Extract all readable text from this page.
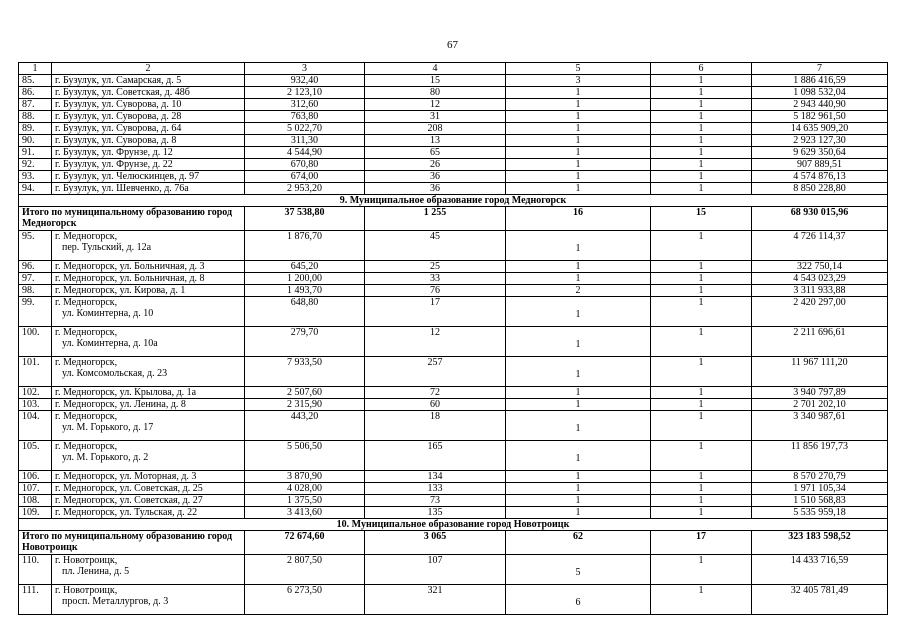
67
1	2	3	4	5	6	7
85.	г. Бузулук, ул. Самарская, д. 5	932,40	15	3	1	1 886 416,59
86.	г. Бузулук, ул. Советская, д. 48б	2 123,10	80	1	1	1 098 532,04
87.	г. Бузулук, ул. Суворова, д. 10	312,60	12	1	1	2 943 440,90
88.	г. Бузулук, ул. Суворова, д. 28	763,80	31	1	1	5 182 961,50
89.	г. Бузулук, ул. Суворова, д. 64	5 022,70	208	1	1	14 635 909,20
90.	г. Бузулук, ул. Суворова, д. 8	311,30	13	1	1	2 923 127,30
91.	г. Бузулук, ул. Фрунзе, д. 12	4 544,90	65	1	1	9 629 350,64
92.	г. Бузулук, ул. Фрунзе, д. 22	670,80	26	1	1	907 889,51
93.	г. Бузулук, ул. Челюскинцев, д. 97	674,00	36	1	1	4 574 876,13
94.	г. Бузулук, ул. Шевченко, д. 76а	2 953,20	36	1	1	8 850 228,80
9. Муниципальное образование город Медногорск						
Итого по муниципальному образованию город Медногорск		37 538,80	1 255	16	15	68 930 015,96
95.	г. Медногорск,
пер. Тульский, д. 12а	1 876,70	45	1	1	4 726 114,37
96.	г. Медногорск, ул. Больничная, д. 3	645,20	25	1	1	322 750,14
97.	г. Медногорск, ул. Больничная, д. 8	1 200,00	33	1	1	4 543 023,29
98.	г. Медногорск, ул. Кирова, д. 1	1 493,70	76	2	1	3 311 933,88
99.	г. Медногорск,
ул. Коминтерна, д. 10	648,80	17	1	1	2 420 297,00
100.	г. Медногорск,
ул. Коминтерна, д. 10а	279,70	12	1	1	2 211 696,61
101.	г. Медногорск,
ул. Комсомольская, д. 23	7 933,50	257	1	1	11 967 111,20
102.	г. Медногорск, ул. Крылова, д. 1а	2 507,60	72	1	1	3 940 797,89
103.	г. Медногорск, ул. Ленина, д. 8	2 315,90	60	1	1	2 701 202,10
104.	г. Медногорск,
ул. М. Горького, д. 17	443,20	18	1	1	3 340 987,61
105.	г. Медногорск,
ул. М. Горького, д. 2	5 506,50	165	1	1	11 856 197,73
106.	г. Медногорск, ул. Моторная, д. 3	3 870,90	134	1	1	8 570 270,79
107.	г. Медногорск, ул. Советская, д. 25	4 028,00	133	1	1	1 971 105,34
108.	г. Медногорск, ул. Советская, д. 27	1 375,50	73	1	1	1 510 568,83
109.	г. Медногорск, ул. Тульская, д. 22	3 413,60	135	1	1	5 535 959,18
10. Муниципальное образование город Новотроицк						
Итого по муниципальному образованию город Новотроицк		72 674,60	3 065	62	17	323 183 598,52
110.	г. Новотроицк,
пл. Ленина, д. 5	2 807,50	107	5	1	14 433 716,59
111.	г. Новотроицк,
просп. Металлургов, д. 3	6 273,50	321	6	1	32 405 781,49
